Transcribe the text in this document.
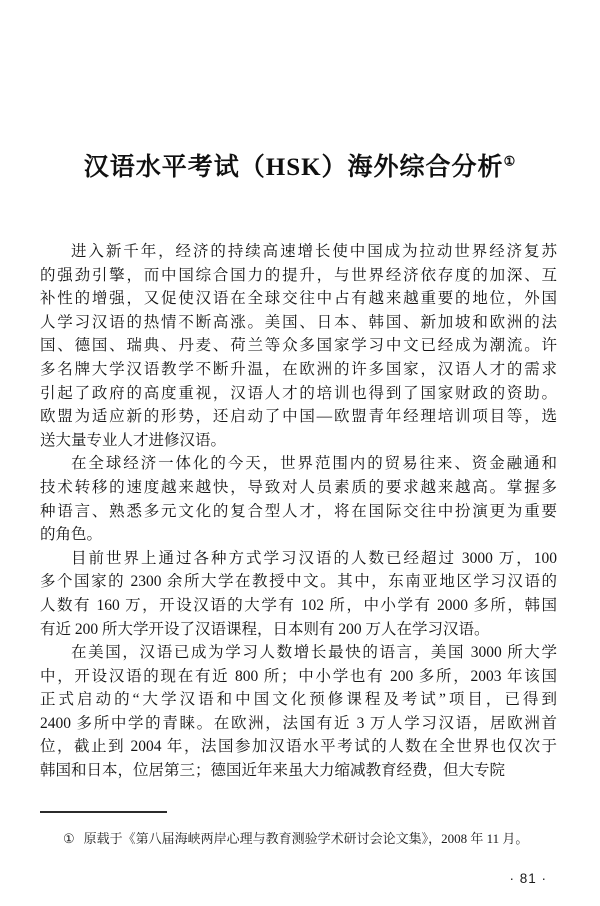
汉语水平考试（HSK）海外综合分析①
进入新千年，经济的持续高速增长使中国成为拉动世界经济复苏
的强劲引擎，而中国综合国力的提升，与世界经济依存度的加深、互
补性的增强，又促使汉语在全球交往中占有越来越重要的地位，外国
人学习汉语的热情不断高涨。美国、日本、韩国、新加坡和欧洲的法
国、德国、瑞典、丹麦、荷兰等众多国家学习中文已经成为潮流。许
多名牌大学汉语教学不断升温，在欧洲的许多国家，汉语人才的需求
引起了政府的高度重视，汉语人才的培训也得到了国家财政的资助。
欧盟为适应新的形势，还启动了中国—欧盟青年经理培训项目等，选
送大量专业人才进修汉语。
在全球经济一体化的今天，世界范围内的贸易往来、资金融通和
技术转移的速度越来越快，导致对人员素质的要求越来越高。掌握多
种语言、熟悉多元文化的复合型人才，将在国际交往中扮演更为重要
的角色。
目前世界上通过各种方式学习汉语的人数已经超过 3000 万，100
多个国家的 2300 余所大学在教授中文。其中，东南亚地区学习汉语的
人数有 160 万，开设汉语的大学有 102 所，中小学有 2000 多所，韩国
有近 200 所大学开设了汉语课程，日本则有 200 万人在学习汉语。
在美国，汉语已成为学习人数增长最快的语言，美国 3000 所大学
中，开设汉语的现在有近 800 所；中小学也有 200 多所，2003 年该国
正式启动的“大学汉语和中国文化预修课程及考试”项目，已得到
2400 多所中学的青睐。在欧洲，法国有近 3 万人学习汉语，居欧洲首
位，截止到 2004 年，法国参加汉语水平考试的人数在全世界也仅次于
韩国和日本，位居第三；德国近年来虽大力缩减教育经费，但大专院
① 原载于《第八届海峡两岸心理与教育测验学术研讨会论文集》，2008 年 11 月。
· 81 ·
